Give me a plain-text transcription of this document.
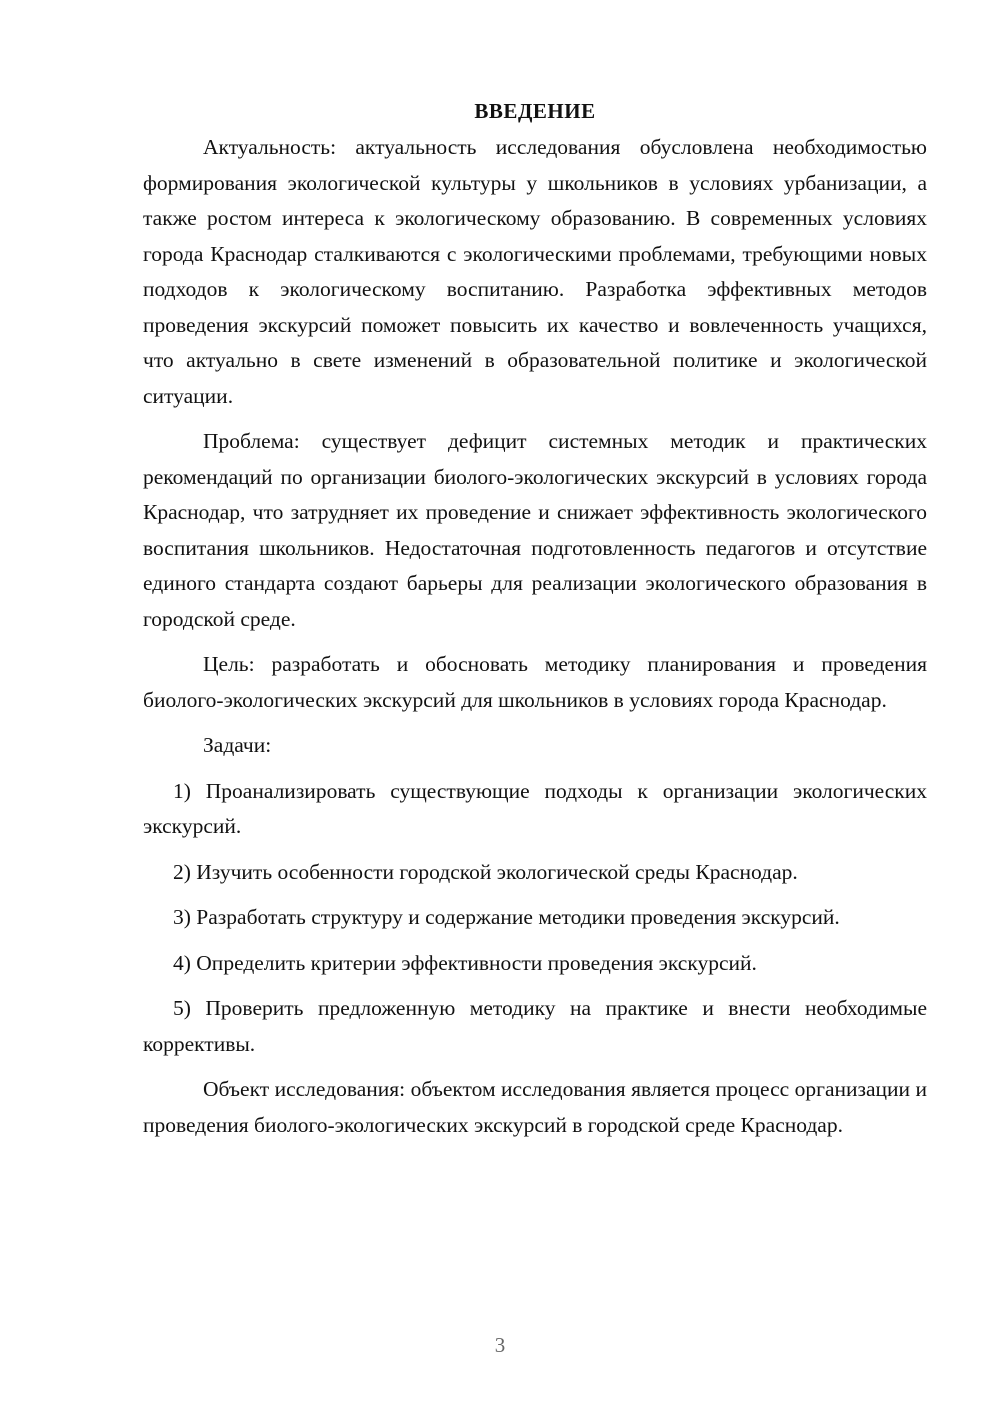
ВВЕДЕНИЕ

Актуальность: актуальность исследования обусловлена необходимостью формирования экологической культуры у школьников в условиях урбанизации, а также ростом интереса к экологическому образованию. В современных условиях города Краснодар сталкиваются с экологическими проблемами, требующими новых подходов к экологическому воспитанию. Разработка эффективных методов проведения экскурсий поможет повысить их качество и вовлеченность учащихся, что актуально в свете изменений в образовательной политике и экологической ситуации.

Проблема: существует дефицит системных методик и практических рекомендаций по организации биолого-экологических экскурсий в условиях города Краснодар, что затрудняет их проведение и снижает эффективность экологического воспитания школьников. Недостаточная подготовленность педагогов и отсутствие единого стандарта создают барьеры для реализации экологического образования в городской среде.

Цель: разработать и обосновать методику планирования и проведения биолого-экологических экскурсий для школьников в условиях города Краснодар.

Задачи:

1) Проанализировать существующие подходы к организации экологических экскурсий.

2) Изучить особенности городской экологической среды Краснодар.

3) Разработать структуру и содержание методики проведения экскурсий.

4) Определить критерии эффективности проведения экскурсий.

5) Проверить предложенную методику на практике и внести необходимые коррективы.

Объект исследования: объектом исследования является процесс организации и проведения биолого-экологических экскурсий в городской среде Краснодар.

3
